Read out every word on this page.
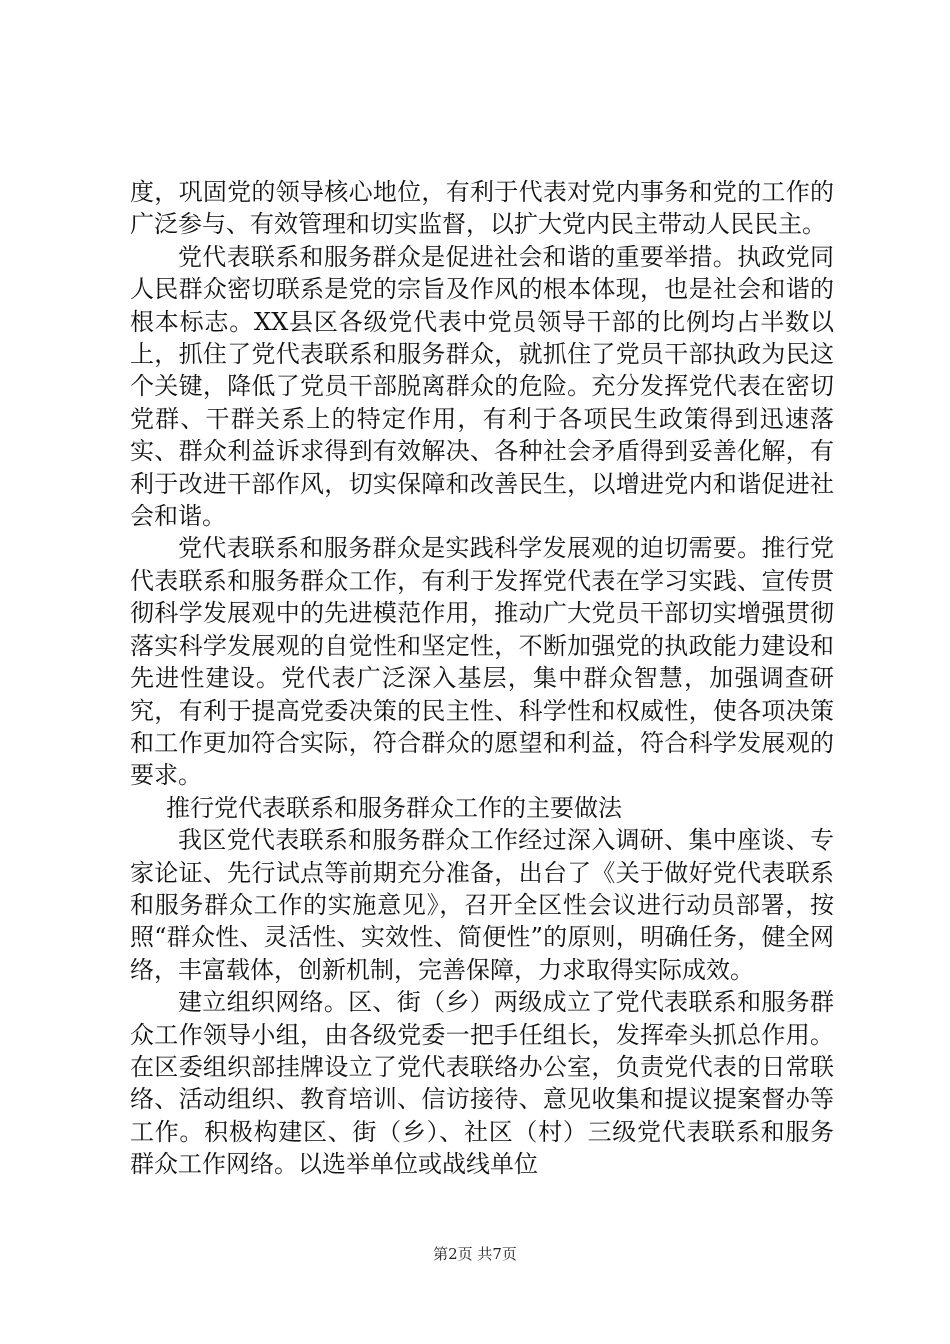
度，巩固党的领导核心地位，有利于代表对党内事务和党的工作的广泛参与、有效管理和切实监督，以扩大党内民主带动人民民主。

党代表联系和服务群众是促进社会和谐的重要举措。执政党同人民群众密切联系是党的宗旨及作风的根本体现，也是社会和谐的根本标志。XX县区各级党代表中党员领导干部的比例均占半数以上，抓住了党代表联系和服务群众，就抓住了党员干部执政为民这个关键，降低了党员干部脱离群众的危险。充分发挥党代表在密切党群、干群关系上的特定作用，有利于各项民生政策得到迅速落实、群众利益诉求得到有效解决、各种社会矛盾得到妥善化解，有利于改进干部作风，切实保障和改善民生，以增进党内和谐促进社会和谐。

党代表联系和服务群众是实践科学发展观的迫切需要。推行党代表联系和服务群众工作，有利于发挥党代表在学习实践、宣传贯彻科学发展观中的先进模范作用，推动广大党员干部切实增强贯彻落实科学发展观的自觉性和坚定性，不断加强党的执政能力建设和先进性建设。党代表广泛深入基层，集中群众智慧，加强调查研究，有利于提高党委决策的民主性、科学性和权威性，使各项决策和工作更加符合实际，符合群众的愿望和利益，符合科学发展观的要求。

推行党代表联系和服务群众工作的主要做法

我区党代表联系和服务群众工作经过深入调研、集中座谈、专家论证、先行试点等前期充分准备，出台了《关于做好党代表联系和服务群众工作的实施意见》，召开全区性会议进行动员部署，按照“群众性、灵活性、实效性、简便性”的原则，明确任务，健全网络，丰富载体，创新机制，完善保障，力求取得实际成效。

建立组织网络。区、街（乡）两级成立了党代表联系和服务群众工作领导小组，由各级党委一把手任组长，发挥牵头抓总作用。在区委组织部挂牌设立了党代表联络办公室，负责党代表的日常联络、活动组织、教育培训、信访接待、意见收集和提议提案督办等工作。积极构建区、街（乡）、社区（村）三级党代表联系和服务群众工作网络。以选举单位或战线单位

第2页 共7页
